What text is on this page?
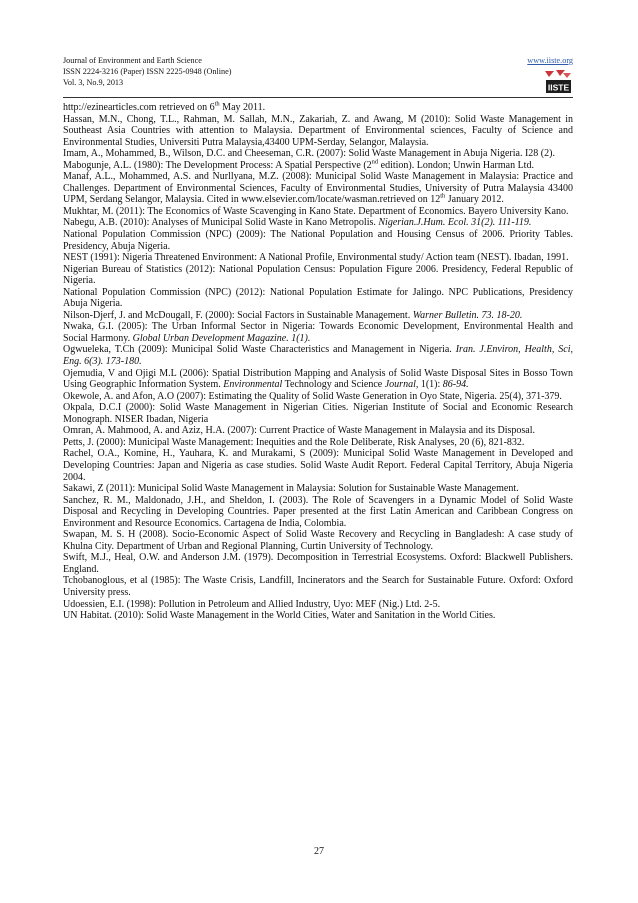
Journal of Environment and Earth Science
ISSN 2224-3216 (Paper) ISSN 2225-0948 (Online)
Vol. 3, No.9, 2013
www.iiste.org
IISTE
http://ezinearticles.com retrieved on 6th May 2011.
Hassan, M.N., Chong, T.L., Rahman, M. Sallah, M.N., Zakariah, Z. and Awang, M (2010): Solid Waste Management in Southeast Asia Countries with attention to Malaysia. Department of Environmental sciences, Faculty of Science and Environmental Studies, Universiti Putra Malaysia,43400 UPM-Serday, Selangor, Malaysia.
Imam, A., Mohammed, B., Wilson, D.C. and Cheeseman, C.R. (2007): Solid Waste Management in Abuja Nigeria. I28 (2).
Mabogunje, A.L. (1980): The Development Process: A Spatial Perspective (2nd edition). London; Unwin Harman Ltd.
Manaf, A.L., Mohammed, A.S. and Nurllyana, M.Z. (2008): Municipal Solid Waste Management in Malaysia: Practice and Challenges. Department of Environmental Sciences, Faculty of Environmental Studies, University of Putra Malaysia 43400 UPM, Serdang Selangor, Malaysia. Cited in www.elsevier.com/locate/wasman.retrieved on 12th January 2012.
Mukhtar, M. (2011): The Economics of Waste Scavenging in Kano State. Department of Economics. Bayero University Kano.
Nabegu, A.B. (2010): Analyses of Municipal Solid Waste in Kano Metropolis. Nigerian.J.Hum. Ecol. 31(2). 111-119.
National Population Commission (NPC) (2009): The National Population and Housing Census of 2006. Priority Tables. Presidency, Abuja Nigeria.
NEST (1991): Nigeria Threatened Environment: A National Profile, Environmental study/ Action team (NEST). Ibadan, 1991.
Nigerian Bureau of Statistics (2012): National Population Census: Population Figure 2006. Presidency, Federal Republic of Nigeria.
National Population Commission (NPC) (2012): National Population Estimate for Jalingo. NPC Publications, Presidency Abuja Nigeria.
Nilson-Djerf, J. and McDougall, F. (2000): Social Factors in Sustainable Management. Warner Bulletin. 73. 18-20.
Nwaka, G.I. (2005): The Urban Informal Sector in Nigeria: Towards Economic Development, Environmental Health and Social Harmony. Global Urban Development Magazine. 1(1).
Ogwueleka, T.Ch (2009): Municipal Solid Waste Characteristics and Management in Nigeria. Iran. J.Environ, Health, Sci, Eng. 6(3). 173-180.
Ojemudia, V and Ojigi M.L (2006): Spatial Distribution Mapping and Analysis of Solid Waste Disposal Sites in Bosso Town Using Geographic Information System. Environmental Technology and Science Journal, 1(1): 86-94.
Okewole, A. and Afon, A.O (2007): Estimating the Quality of Solid Waste Generation in Oyo State, Nigeria. 25(4), 371-379.
Okpala, D.C.I (2000): Solid Waste Management in Nigerian Cities. Nigerian Institute of Social and Economic Research Monograph. NISER Ibadan, Nigeria
Omran, A. Mahmood, A. and Aziz, H.A. (2007): Current Practice of Waste Management in Malaysia and its Disposal.
Petts, J. (2000): Municipal Waste Management: Inequities and the Role Deliberate, Risk Analyses, 20 (6), 821-832.
Rachel, O.A., Komine, H., Yauhara, K. and Murakami, S (2009): Municipal Solid Waste Management in Developed and Developing Countries: Japan and Nigeria as case studies. Solid Waste Audit Report. Federal Capital Territory, Abuja Nigeria 2004.
Sakawi, Z (2011): Municipal Solid Waste Management in Malaysia: Solution for Sustainable Waste Management.
Sanchez, R. M., Maldonado, J.H., and Sheldon, I. (2003). The Role of Scavengers in a Dynamic Model of Solid Waste Disposal and Recycling in Developing Countries. Paper presented at the first Latin American and Caribbean Congress on Environment and Resource Economics. Cartagena de India, Colombia.
Swapan, M. S. H (2008). Socio-Economic Aspect of Solid Waste Recovery and Recycling in Bangladesh: A case study of Khulna City. Department of Urban and Regional Planning, Curtin University of Technology.
Swift, M.J., Heal, O.W. and Anderson J.M. (1979). Decomposition in Terrestrial Ecosystems. Oxford: Blackwell Publishers. England.
Tchobanoglous, et al (1985): The Waste Crisis, Landfill, Incinerators and the Search for Sustainable Future. Oxford: Oxford University press.
Udoessien, E.I. (1998): Pollution in Petroleum and Allied Industry, Uyo: MEF (Nig.) Ltd. 2-5.
UN Habitat. (2010): Solid Waste Management in the World Cities, Water and Sanitation in the World Cities.
27
